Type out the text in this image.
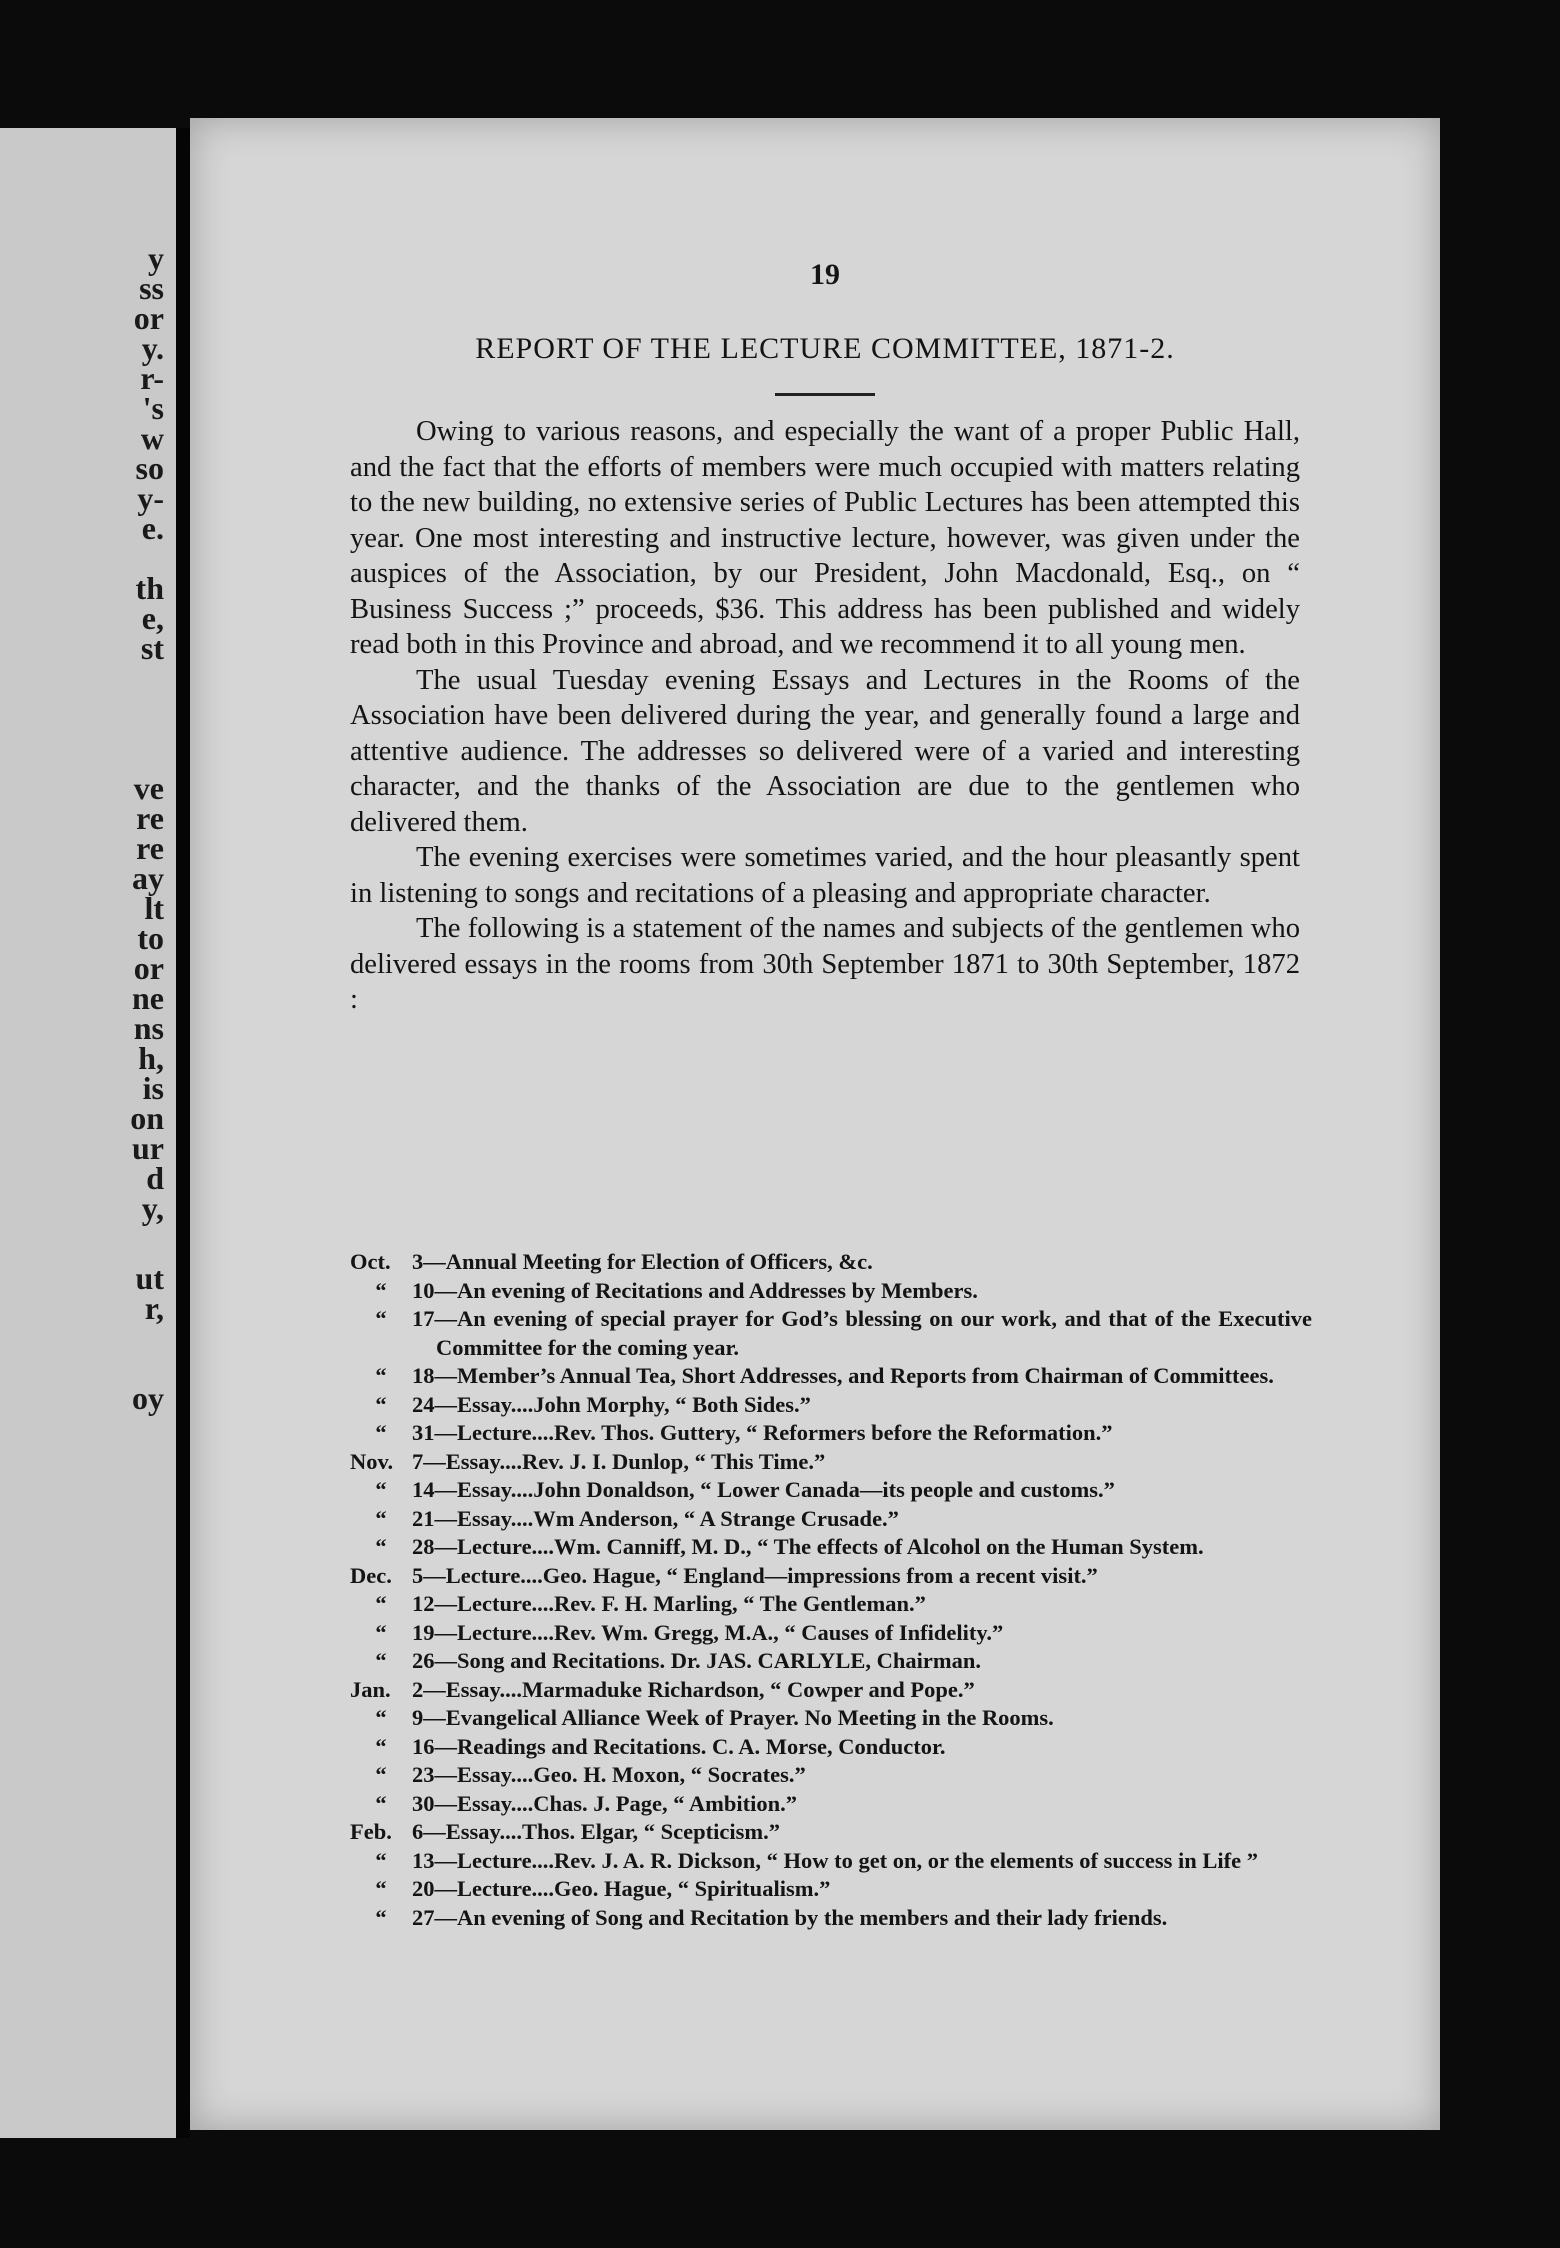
y
ss
or
y.
r-
's
w
so
y-
e.
th
e,
st
ve
re
re
ay
lt
to
or
ne
ns
h,
is
on
ur
d
y,
ut
r,
oy
19
REPORT OF THE LECTURE COMMITTEE, 1871-2.

Owing to various reasons, and especially the want of a proper Public Hall, and the fact that the efforts of members were much occupied with matters relating to the new building, no extensive series of Public Lectures has been attempted this year. One most interesting and instructive lecture, however, was given under the auspices of the Association, by our President, John Macdonald, Esq., on “ Business Success ;” proceeds, $36. This address has been published and widely read both in this Province and abroad, and we recommend it to all young men.

The usual Tuesday evening Essays and Lectures in the Rooms of the Association have been delivered during the year, and generally found a large and attentive audience. The addresses so delivered were of a varied and interesting character, and the thanks of the Association are due to the gentlemen who delivered them.

The evening exercises were sometimes varied, and the hour pleasantly spent in listening to songs and recitations of a pleasing and appropriate character.

The following is a statement of the names and subjects of the gentlemen who delivered essays in the rooms from 30th September 1871 to 30th September, 1872 :

Oct. 3—Annual Meeting for Election of Officers, &c.
“	10—An evening of Recitations and Addresses by Members.
“	17—An evening of special prayer for God’s blessing on our work, and that of the Executive Committee for the coming year.
“	18—Member’s Annual Tea, Short Addresses, and Reports from Chairman of Committees.
“	24—Essay....John Morphy, “ Both Sides.”
“	31—Lecture....Rev. Thos. Guttery, “ Reformers before the Reformation.”
Nov. 7—Essay....Rev. J. I. Dunlop, “ This Time.”
“	14—Essay....John Donaldson, “ Lower Canada—its people and customs.”
“	21—Essay....Wm Anderson, “ A Strange Crusade.”
“	28—Lecture....Wm. Canniff, M. D., “ The effects of Alcohol on the Human System.
Dec. 5—Lecture....Geo. Hague, “ England—impressions from a recent visit.”
“	12—Lecture....Rev. F. H. Marling, “ The Gentleman.”
“	19—Lecture....Rev. Wm. Gregg, M.A., “ Causes of Infidelity.”
“	26—Song and Recitations. Dr. JAS. CARLYLE, Chairman.
Jan. 2—Essay....Marmaduke Richardson, “ Cowper and Pope.”
“	9—Evangelical Alliance Week of Prayer. No Meeting in the Rooms.
“	16—Readings and Recitations. C. A. Morse, Conductor.
“	23—Essay....Geo. H. Moxon, “ Socrates.”
“	30—Essay....Chas. J. Page, “ Ambition.”
Feb. 6—Essay....Thos. Elgar, “ Scepticism.”
“	13—Lecture....Rev. J. A. R. Dickson, “ How to get on, or the elements of success in Life ”
“	20—Lecture....Geo. Hague, “ Spiritualism.”
“	27—An evening of Song and Recitation by the members and their lady friends.
